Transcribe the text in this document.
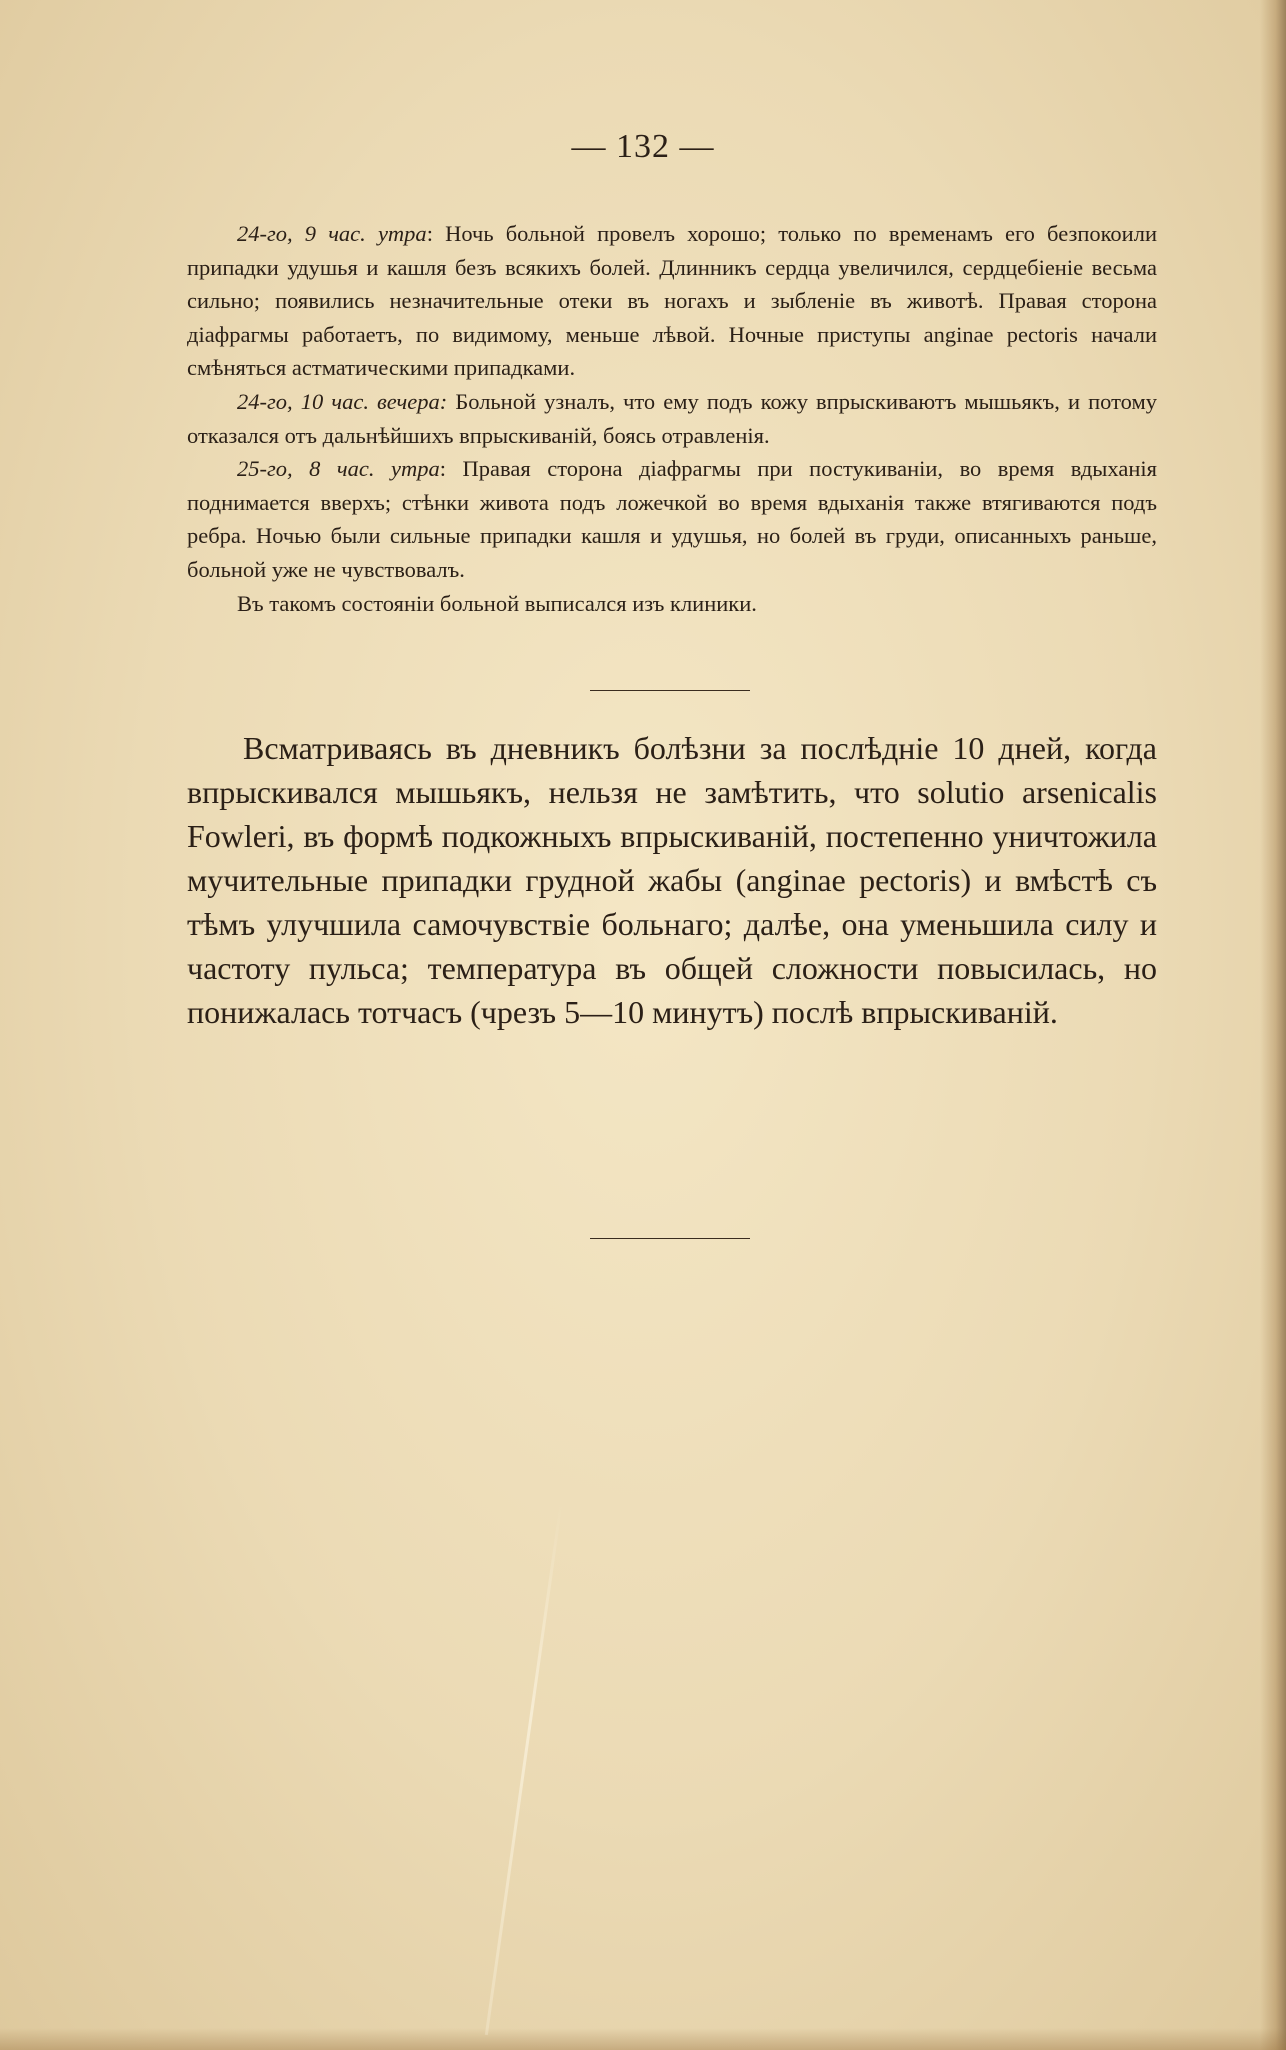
— 132 —

24-го, 9 час. утра: Ночь больной провелъ хорошо; только по временамъ его безпокоили припадки удушья и кашля безъ всякихъ болей. Длинникъ сердца увеличился, сердцебіеніе весьма сильно; появились незначительные отеки въ ногахъ и зыбленіе въ животѣ. Правая сторона діафрагмы работаетъ, по видимому, меньше лѣвой. Ночные приступы anginae pectoris начали смѣняться астматическими припадками.

24-го, 10 час. вечера: Больной узналъ, что ему подъ кожу впрыскиваютъ мышьякъ, и потому отказался отъ дальнѣйшихъ впрыскиваній, боясь отравленія.

25-го, 8 час. утра: Правая сторона діафрагмы при постукиваніи, во время вдыханія поднимается вверхъ; стѣнки живота подъ ложечкой во время вдыханія также втягиваются подъ ребра. Ночью были сильные припадки кашля и удушья, но болей въ груди, описанныхъ раньше, больной уже не чувствовалъ.

Въ такомъ состояніи больной выписался изъ клиники.

Всматриваясь въ дневникъ болѣзни за послѣдніе 10 дней, когда впрыскивался мышьякъ, нельзя не замѣтить, что solutio arsenicalis Fowleri, въ формѣ подкожныхъ впрыскиваній, постепенно уничтожила мучительные припадки грудной жабы (anginae pectoris) и вмѣстѣ съ тѣмъ улучшила самочувствіе больнаго; далѣе, она уменьшила силу и частоту пульса; температура въ общей сложности повысилась, но понижалась тотчасъ (чрезъ 5—10 минутъ) послѣ впрыскиваній.
